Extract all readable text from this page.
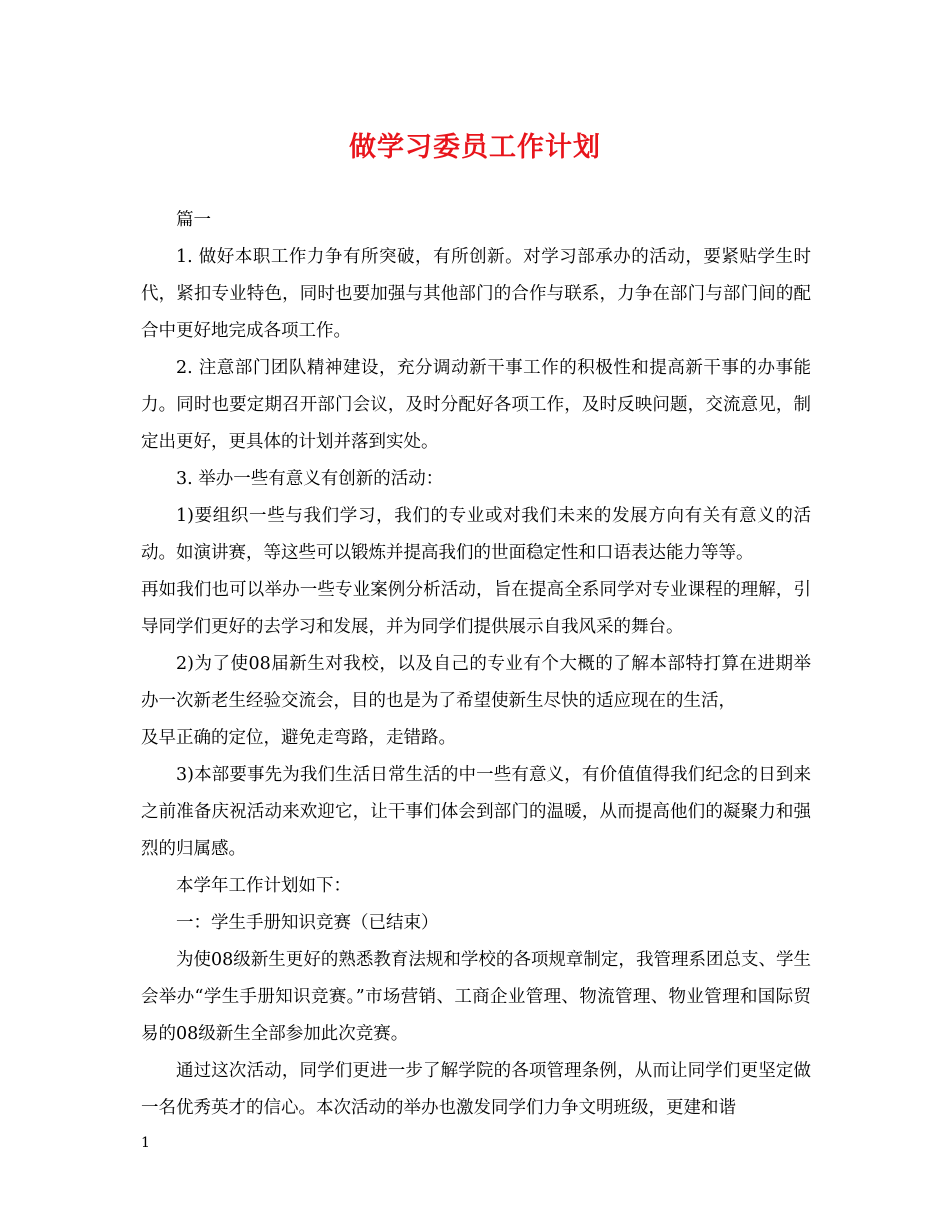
做学习委员工作计划

篇一

1. 做好本职工作力争有所突破，有所创新。对学习部承办的活动，要紧贴学生时代，紧扣专业特色，同时也要加强与其他部门的合作与联系，力争在部门与部门间的配合中更好地完成各项工作。

2. 注意部门团队精神建设，充分调动新干事工作的积极性和提高新干事的办事能力。同时也要定期召开部门会议，及时分配好各项工作，及时反映问题，交流意见，制定出更好，更具体的计划并落到实处。

3. 举办一些有意义有创新的活动：

1)要组织一些与我们学习，我们的专业或对我们未来的发展方向有关有意义的活动。如演讲赛，等这些可以锻炼并提高我们的世面稳定性和口语表达能力等等。

再如我们也可以举办一些专业案例分析活动，旨在提高全系同学对专业课程的理解，引导同学们更好的去学习和发展，并为同学们提供展示自我风采的舞台。

2)为了使08届新生对我校，以及自己的专业有个大概的了解本部特打算在进期举办一次新老生经验交流会，目的也是为了希望使新生尽快的适应现在的生活，

及早正确的定位，避免走弯路，走错路。

3)本部要事先为我们生活日常生活的中一些有意义，有价值值得我们纪念的日到来之前准备庆祝活动来欢迎它，让干事们体会到部门的温暖，从而提高他们的凝聚力和强烈的归属感。

本学年工作计划如下：

一：学生手册知识竞赛（已结束）

为使08级新生更好的熟悉教育法规和学校的各项规章制定，我管理系团总支、学生会举办“学生手册知识竞赛。”市场营销、工商企业管理、物流管理、物业管理和国际贸易的08级新生全部参加此次竞赛。

通过这次活动，同学们更进一步了解学院的各项管理条例，从而让同学们更坚定做一名优秀英才的信心。本次活动的举办也激发同学们力争文明班级，更建和谐

1
